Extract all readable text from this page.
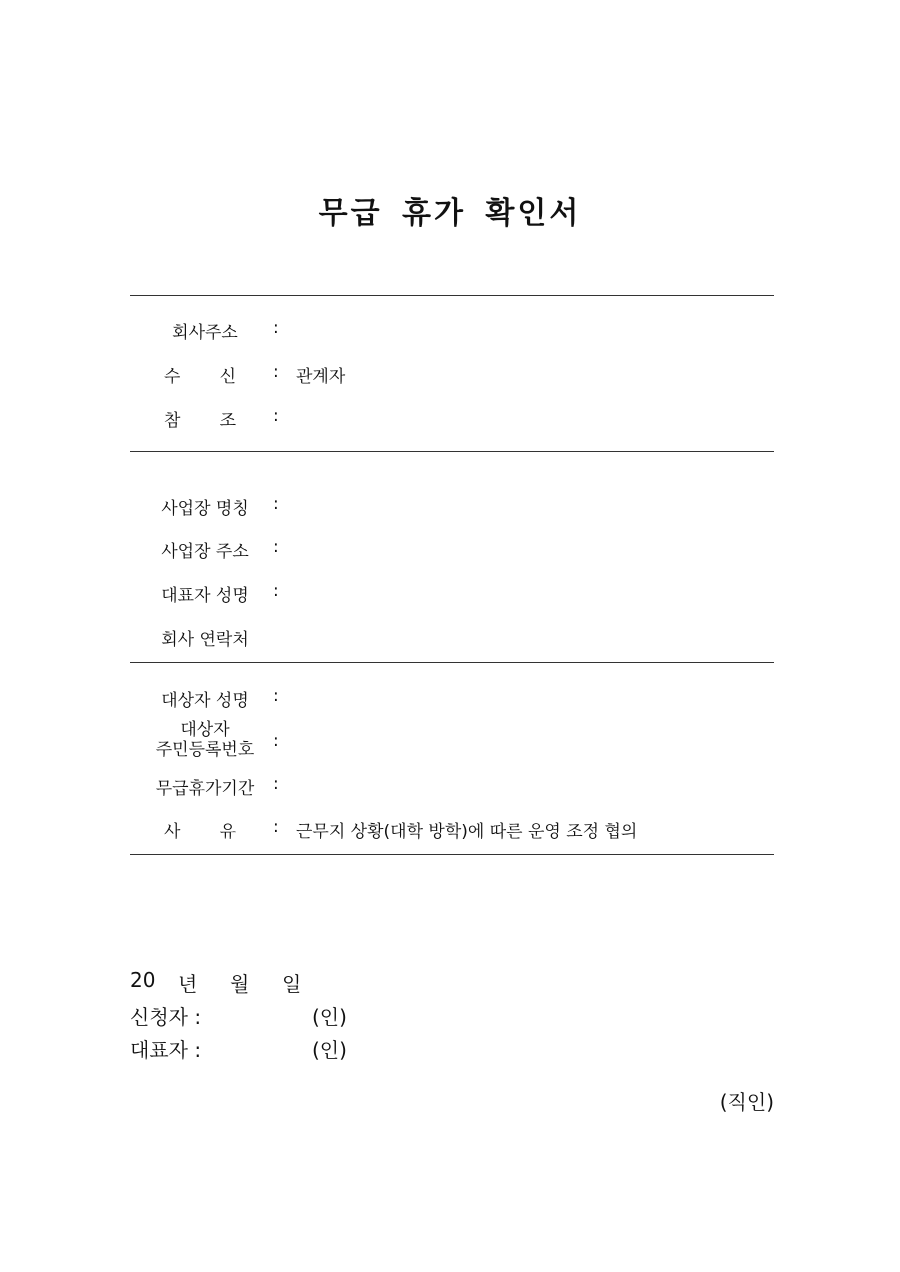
무급 휴가 확인서
회사주소	:
수 신 : 관계자
참 조 :
사업장 명칭	:
사업장 주소	:
대표자 성명	:
회사 연락처
대상자 성명	:
대상자
주민등록번호	:
무급휴가기간	:
사 유 : 근무지 상황(대학 방학)에 따른 운영 조정 협의
20 년 월 일
신청자 :	(인)
대표자 :	(인)
(직인)
